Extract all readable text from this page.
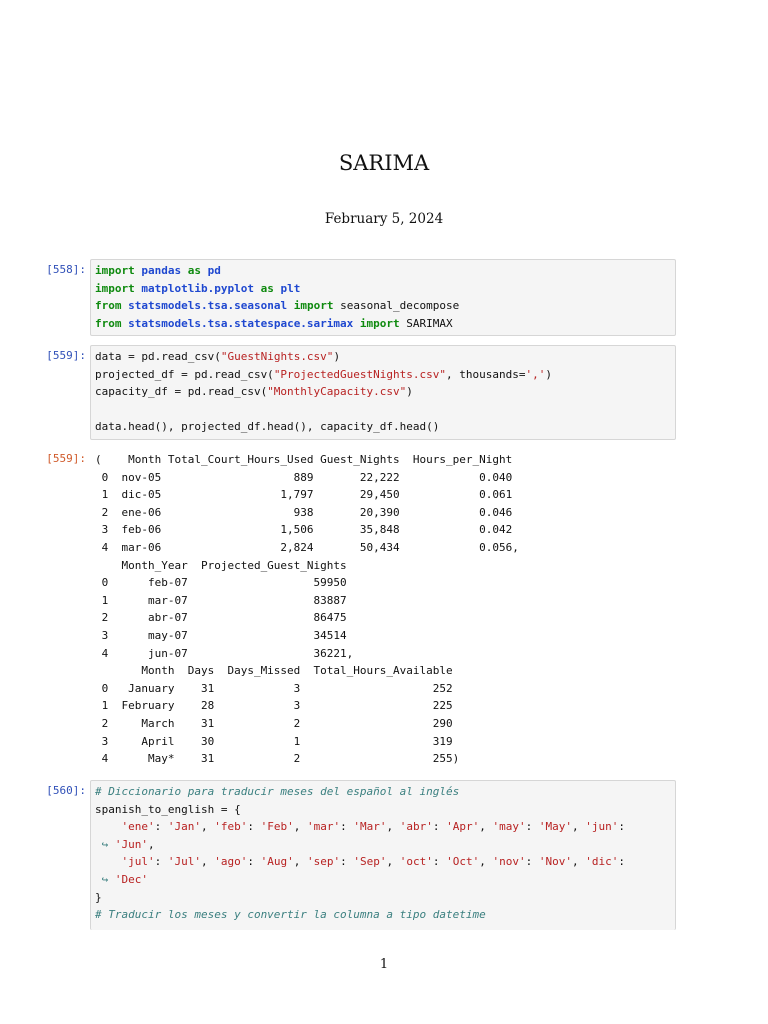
SARIMA
February 5, 2024
[558]: import pandas as pd
import matplotlib.pyplot as plt
from statsmodels.tsa.seasonal import seasonal_decompose
from statsmodels.tsa.statespace.sarimax import SARIMAX
[559]: data = pd.read_csv("GuestNights.csv")
projected_df = pd.read_csv("ProjectedGuestNights.csv", thousands=',')
capacity_df = pd.read_csv("MonthlyCapacity.csv")

data.head(), projected_df.head(), capacity_df.head()
[559]: (    Month Total_Court_Hours_Used Guest_Nights  Hours_per_Night
0  nov-05                    889       22,222            0.040
1  dic-05                  1,797       29,450            0.061
2  ene-06                    938       20,390            0.046
3  feb-06                  1,506       35,848            0.042
4  mar-06                  2,824       50,434            0.056,
Month_Year  Projected_Guest_Nights
0      feb-07                   59950
1      mar-07                   83887
2      abr-07                   86475
3      may-07                   34514
4      jun-07                   36221,
Month  Days  Days_Missed  Total_Hours_Available
0   January    31            3                    252
1  February    28            3                    225
2     March    31            2                    290
3     April    30            1                    319
4      May*    31            2                    255)
[560]: # Diccionario para traducir meses del español al inglés
spanish_to_english = {
'ene': 'Jan', 'feb': 'Feb', 'mar': 'Mar', 'abr': 'Apr', 'may': 'May', 'jun':
↪ 'Jun',
'jul': 'Jul', 'ago': 'Aug', 'sep': 'Sep', 'oct': 'Oct', 'nov': 'Nov', 'dic':
↪ 'Dec'
}
# Traducir los meses y convertir la columna a tipo datetime
1
